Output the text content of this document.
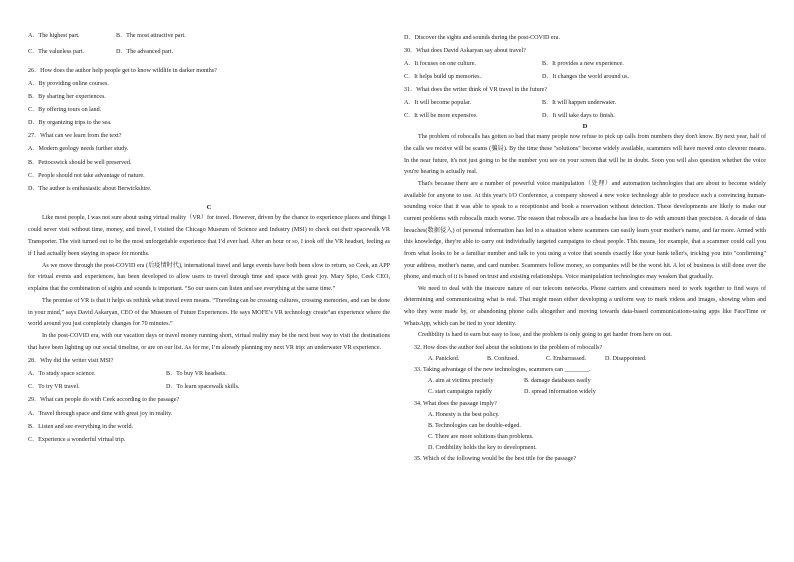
A．The highest part.	B．The most attractive part.
C．The valueless part.	D．The advanced part.
26．How does the author help people get to know wildlife in darker months?
A．By providing online courses.
B．By sharing her experiences.
C．By offering tours on land.
D．By organizing trips to the sea.
27．What can we learn from the text?
A．Modern geology needs further study.
B．Pettocswick should be well preserved.
C．People should not take advantage of nature.
D．The author is enthusiastic about Berwickshire.
C

Like most people, I was not sure about using virtual reality（VR）for travel. However, driven by the chance to experience places and things I could never visit without time, money, and travel, I visited the Chicago Museum of Science and Industry (MSI) to check out their spacewalk VR Transporter. The visit turned out to be the most unforgettable experience that I’d ever had. After an hour or so, I took off the VR headset, feeling as if I had actually been staying in space for months.

As we move through the post-COVID era (后疫情时代), international travel and large events have both been slow to return, so Ceek, an APP for virtual events and experiences, has been developed to allow users to travel through time and space with great joy. Mary Spio, Ceek CEO, explains that the combination of sights and sounds is important. “So our users can listen and see everything at the same time.”

The promise of VR is that it helps us rethink what travel even means. “Traveling can be crossing cultures, crossing memories, and can be done in your mind,” says David Askaryan, CEO of the Museum of Future Experiences. He says MOFE’s VR technology create“an experience where the world around you just completely changes for 70 minutes.”

In the post-COVID era, with our vacation days or travel money running short, virtual reality may be the next best way to visit the destinations that have been lighting up our social timeline, or are on our list. As for me, I’m already planning my next VR trip: an underwater VR experience.

28．Why did the writer visit MSI?
A．To study space science.	B．To buy VR headsets.
C．To try VR travel.	D．To learn spacewalk skills.
29．What can people do with Ceek according to the passage?
A．Travel through space and time with great joy in reality.
B．Listen and see everything in the world.
C．Experience a wonderful virtual trip.
D．Discover the sights and sounds during the post-COVID era.
30．What does David Askaryan say about travel?
A．It focuses on one culture.	B．It provides a new experience.
C．It helps build up memories.	D．It changes the world around us.
31．What does the writer think of VR travel in the future?
A．It will become popular.	B．It will happen underwater.
C．It will be more expensive.	D．It will take days to finish.
D

The problem of robocalls has gotten so bad that many people now refuse to pick up calls from numbers they don't know. By next year, half of the calls we receive will be scams (骗局). By the time these "solutions" become widely available, scammers will have moved onto cleverer means. In the near future, it's not just going to be the number you see on your screen that will be in doubt. Soon you will also question whether the voice you're hearing is actually real.

That's because there are a number of powerful voice manipulation（处理）and automation technologies that are about to become widely available for anyone to use. At this year's I/O Conference, a company showed a new voice technology able to produce such a convincing human-sounding voice that it was able to speak to a receptionist and book a reservation without detection. These developments are likely to make our current problems with robocalls much worse. The reason that robocalls are a headache has less to do with amount than precision. A decade of data breaches(数据侵入) of personal information has led to a situation where scammers can easily learn your mother's name, and far more. Armed with this knowledge, they're able to carry out individually targeted campaigns to cheat people. This means, for example, that a scammer could call you from what looks to be a familiar number and talk to you using a voice that sounds exactly like your bank teller's, tricking you into "confirming" your address, mother's name, and card number. Scammers follow money, so companies will be the worst hit. A lot of business is still done over the phone, and much of it is based on trust and existing relationships. Voice manipulation technologies may weaken that gradually.

We need to deal with the insecure nature of our telecom networks. Phone carriers and consumers need to work together to find ways of determining and communicating what is real. That might mean either developing a uniform way to mark videos and images, showing when and who they were made by, or abandoning phone calls altogether and moving towards data-based communications-using apps like FaceTime or WhatsApp, which can be tied to your identity.

Credibility is hard to earn but easy to lose, and the problem is only going to get harder from here on out.

32. How does the author feel about the solutions to the problem of robocalls?
A. Panicked.	B. Confused.	C. Embarrassed.	D. Disappointed.
33. Taking advantage of the new technologies, scammers can ________.
A. aim at victims precisely	B. damage databases easily
C. start campaigns rapidly	D. spread information widely
34. What does the passage imply?
A. Honesty is the best policy.
B. Technologies can be double-edged.
C. There are more solutions than problems.
D. Credibility holds the key to development.
35. Which of the following would be the best title for the passage?
